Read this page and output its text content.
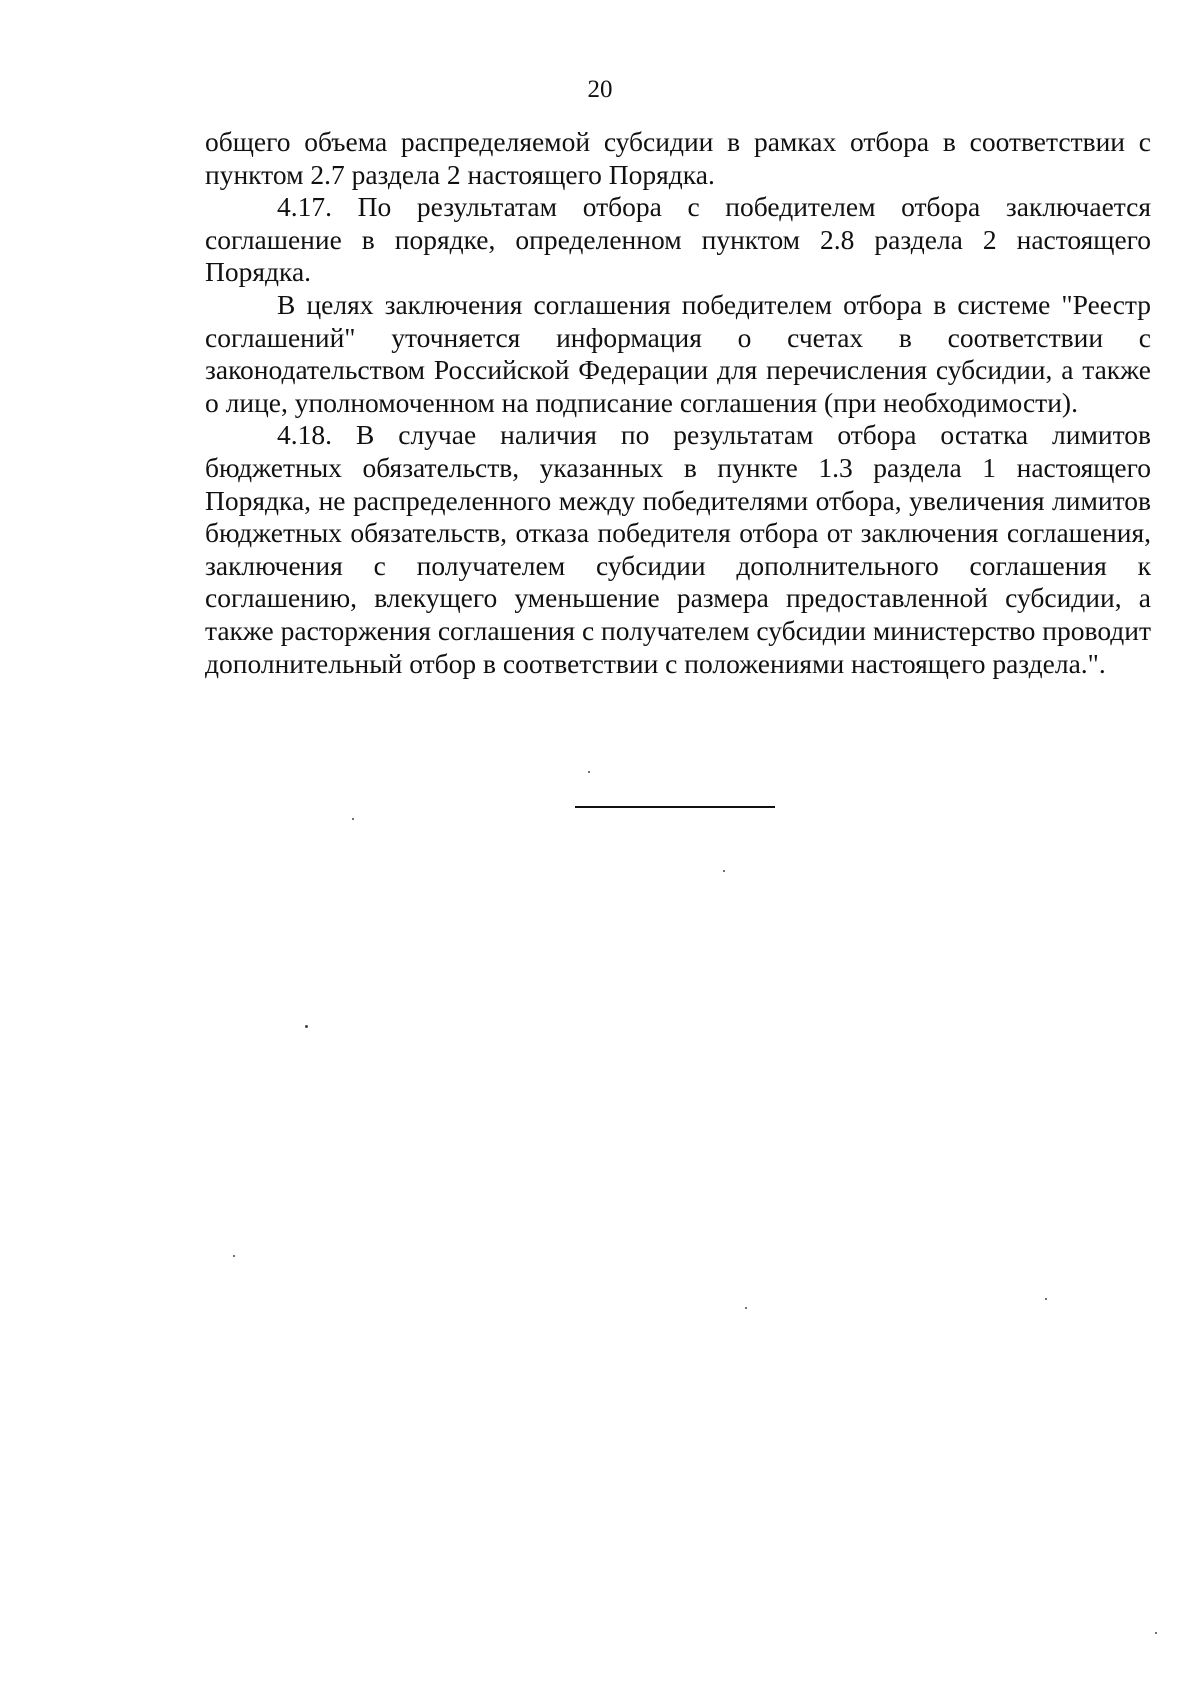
20

общего объема распределяемой субсидии в рамках отбора в соответствии с пунктом 2.7 раздела 2 настоящего Порядка.

4.17. По результатам отбора с победителем отбора заключается соглашение в порядке, определенном пунктом 2.8 раздела 2 настоящего Порядка.

В целях заключения соглашения победителем отбора в системе "Реестр соглашений" уточняется информация о счетах в соответствии с законодательством Российской Федерации для перечисления субсидии, а также о лице, уполномоченном на подписание соглашения (при необходимости).

4.18. В случае наличия по результатам отбора остатка лимитов бюджетных обязательств, указанных в пункте 1.3 раздела 1 настоящего Порядка, не распределенного между победителями отбора, увеличения лимитов бюджетных обязательств, отказа победителя отбора от заключения соглашения, заключения с получателем субсидии дополнительного соглашения к соглашению, влекущего уменьшение размера предоставленной субсидии, а также расторжения соглашения с получателем субсидии министерство проводит дополнительный отбор в соответствии с положениями настоящего раздела.".
